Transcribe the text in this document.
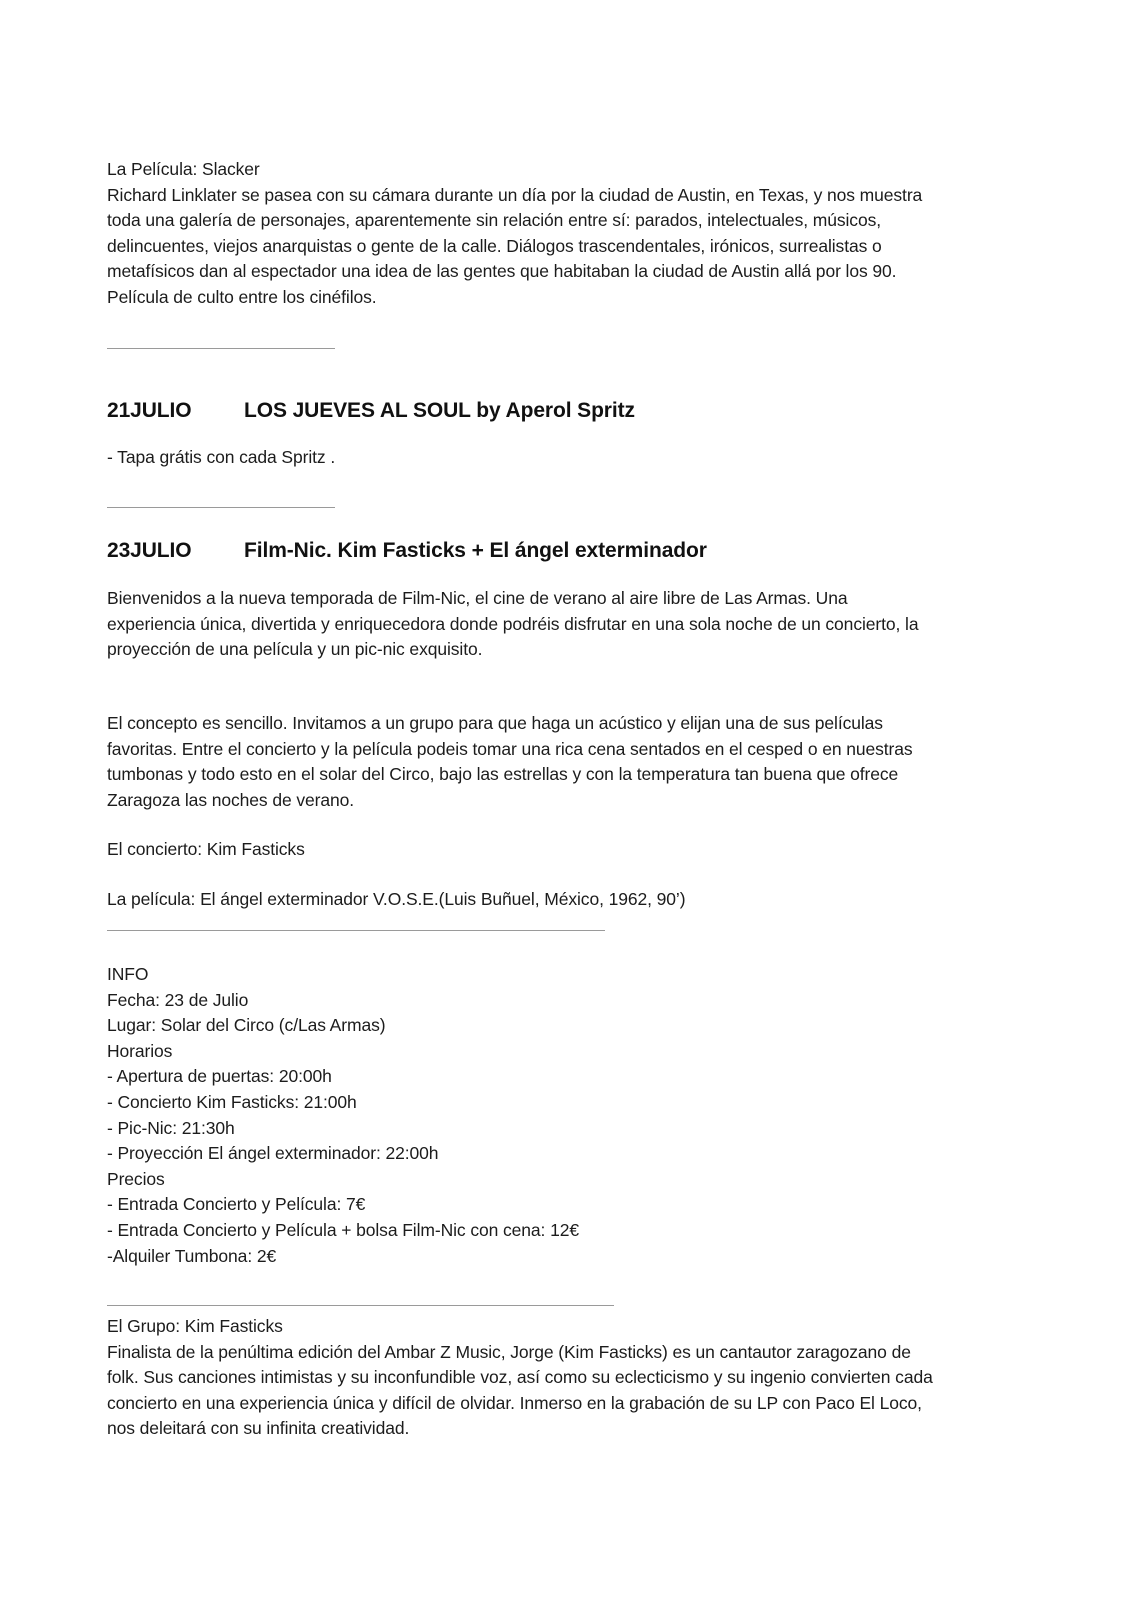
La Película: Slacker
Richard Linklater se pasea con su cámara durante un día por la ciudad de Austin, en Texas, y nos muestra
toda una galería de personajes, aparentemente sin relación entre sí: parados, intelectuales, músicos,
delincuentes, viejos anarquistas o gente de la calle. Diálogos trascendentales, irónicos, surrealistas o
metafísicos dan al espectador una idea de las gentes que habitaban la ciudad de Austin allá por los 90.
Película de culto entre los cinéfilos.
21JULIO	LOS JUEVES AL SOUL by Aperol Spritz
- Tapa grátis con cada Spritz .
23JULIO	Film-Nic. Kim Fasticks + El ángel exterminador
Bienvenidos a la nueva temporada de Film-Nic, el cine de verano al aire libre de Las Armas. Una
experiencia única, divertida y enriquecedora donde podréis disfrutar en una sola noche de un concierto, la
proyección de una película y un pic-nic exquisito.
El concepto es sencillo. Invitamos a un grupo para que haga un acústico y elijan una de sus películas
favoritas. Entre el concierto y la película podeis tomar una rica cena sentados en el cesped o en nuestras
tumbonas y todo esto en el solar del Circo, bajo las estrellas y con la temperatura tan buena que ofrece
Zaragoza las noches de verano.
El concierto: Kim Fasticks
La película: El ángel exterminador V.O.S.E.(Luis Buñuel, México, 1962, 90’)
INFO
Fecha: 23 de Julio
Lugar: Solar del Circo (c/Las Armas)
Horarios
- Apertura de puertas: 20:00h
- Concierto Kim Fasticks: 21:00h
- Pic-Nic: 21:30h
- Proyección El ángel exterminador: 22:00h
Precios
- Entrada Concierto y Película: 7€
- Entrada Concierto y Película + bolsa Film-Nic con cena: 12€
-Alquiler Tumbona: 2€
El Grupo: Kim Fasticks
Finalista de la penúltima edición del Ambar Z Music, Jorge (Kim Fasticks) es un cantautor zaragozano de
folk. Sus canciones intimistas y su inconfundible voz, así como su eclecticismo y su ingenio convierten cada
concierto en una experiencia única y difícil de olvidar. Inmerso en la grabación de su LP con Paco El Loco,
nos deleitará con su infinita creatividad.
